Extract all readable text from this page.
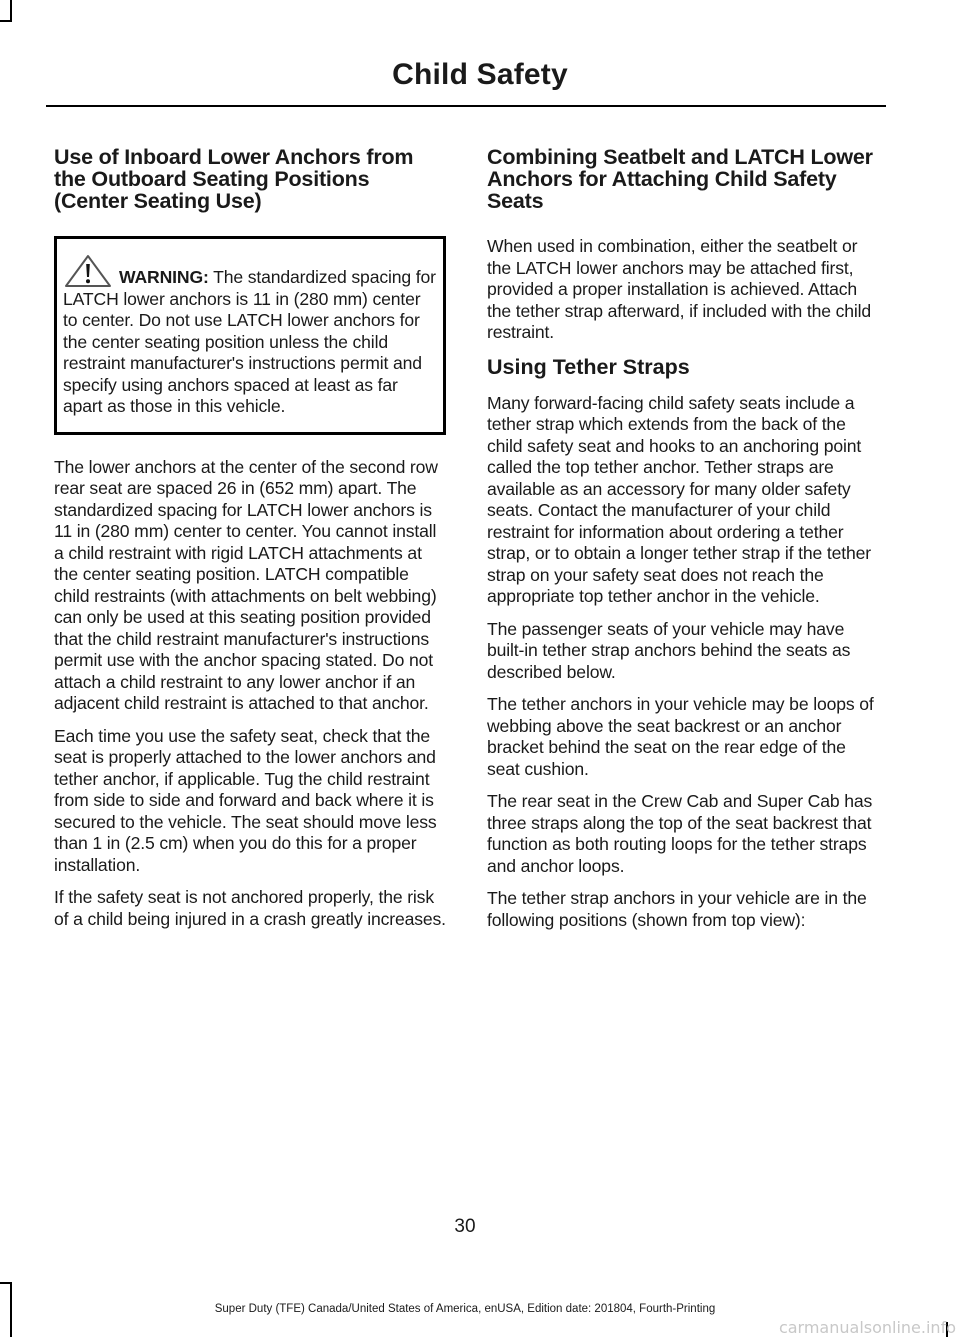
Child Safety
Use of Inboard Lower Anchors from the Outboard Seating Positions (Center Seating Use)

WARNING: The standardized spacing for LATCH lower anchors is 11 in (280 mm) center to center. Do not use LATCH lower anchors for the center seating position unless the child restraint manufacturer's instructions permit and specify using anchors spaced at least as far apart as those in this vehicle.

The lower anchors at the center of the second row rear seat are spaced 26 in (652 mm) apart. The standardized spacing for LATCH lower anchors is 11 in (280 mm) center to center. You cannot install a child restraint with rigid LATCH attachments at the center seating position. LATCH compatible child restraints (with attachments on belt webbing) can only be used at this seating position provided that the child restraint manufacturer's instructions permit use with the anchor spacing stated. Do not attach a child restraint to any lower anchor if an adjacent child restraint is attached to that anchor.

Each time you use the safety seat, check that the seat is properly attached to the lower anchors and tether anchor, if applicable. Tug the child restraint from side to side and forward and back where it is secured to the vehicle. The seat should move less than 1 in (2.5 cm) when you do this for a proper installation.

If the safety seat is not anchored properly, the risk of a child being injured in a crash greatly increases.

Combining Seatbelt and LATCH Lower Anchors for Attaching Child Safety Seats

When used in combination, either the seatbelt or the LATCH lower anchors may be attached first, provided a proper installation is achieved. Attach the tether strap afterward, if included with the child restraint.

Using Tether Straps

Many forward-facing child safety seats include a tether strap which extends from the back of the child safety seat and hooks to an anchoring point called the top tether anchor. Tether straps are available as an accessory for many older safety seats. Contact the manufacturer of your child restraint for information about ordering a tether strap, or to obtain a longer tether strap if the tether strap on your safety seat does not reach the appropriate top tether anchor in the vehicle.

The passenger seats of your vehicle may have built-in tether strap anchors behind the seats as described below.

The tether anchors in your vehicle may be loops of webbing above the seat backrest or an anchor bracket behind the seat on the rear edge of the seat cushion.

The rear seat in the Crew Cab and Super Cab has three straps along the top of the seat backrest that function as both routing loops for the tether straps and anchor loops.

The tether strap anchors in your vehicle are in the following positions (shown from top view):

30
Super Duty (TFE) Canada/United States of America, enUSA, Edition date: 201804, Fourth-Printing
carmanualsonline.info
